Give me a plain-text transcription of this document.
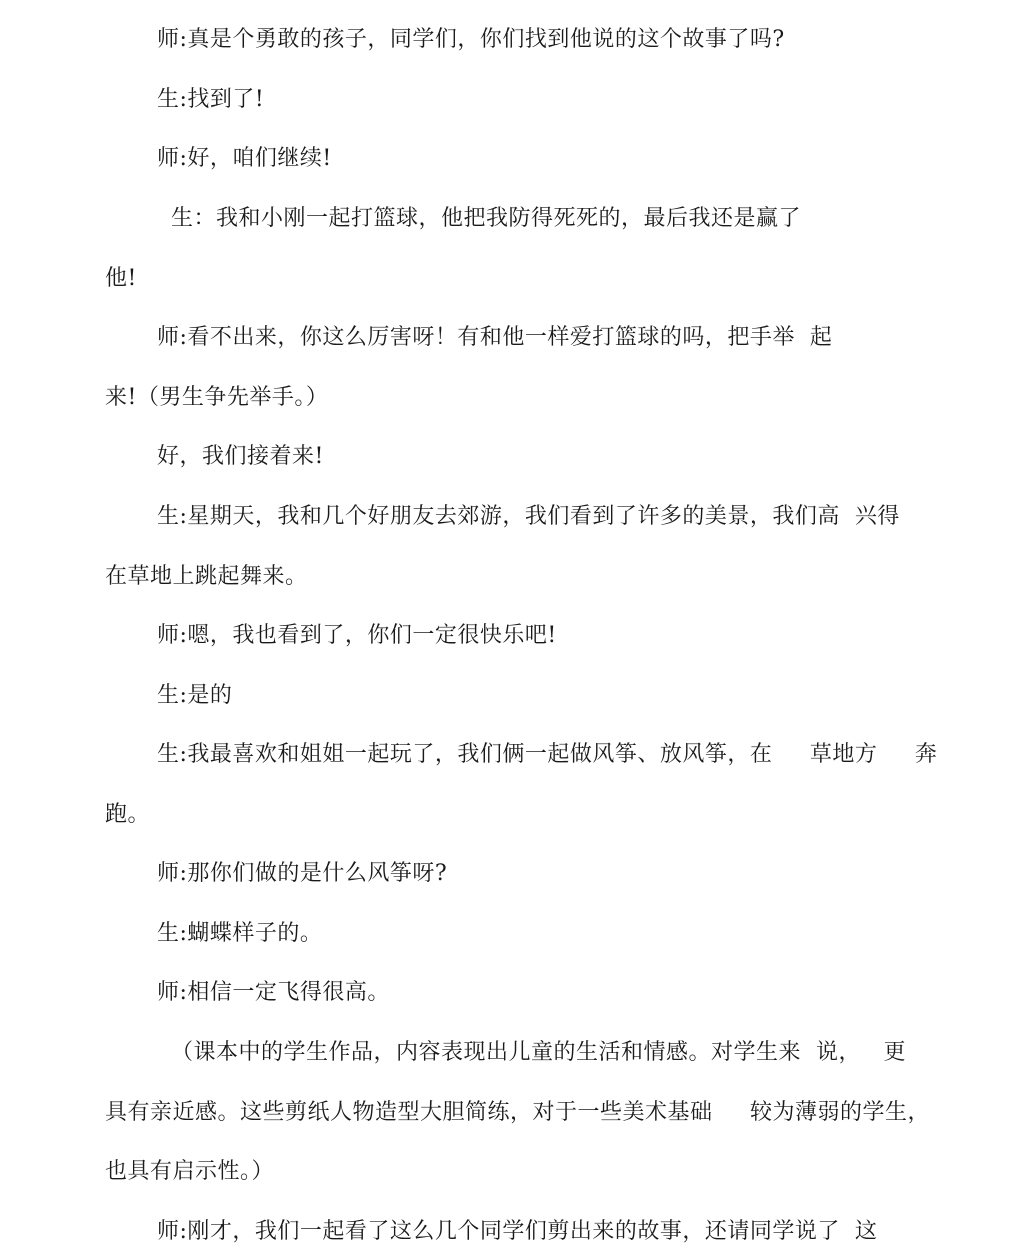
师:真是个勇敢的孩子，同学们，你们找到他说的这个故事了吗?
生:找到了!
师:好，咱们继续!
生：我和小刚一起打篮球，他把我防得死死的，最后我还是赢了
他!
师:看不出来，你这么厉害呀！有和他一样爱打篮球的吗，把手举  起
来!（男生争先举手。）
好，我们接着来!
生:星期天，我和几个好朋友去郊游，我们看到了许多的美景，我们高  兴得
在草地上跳起舞来。
师:嗯，我也看到了，你们一定很快乐吧!
生:是的
生:我最喜欢和姐姐一起玩了，我们俩一起做风筝、放风筝，在     草地方     奔
跑。
师:那你们做的是什么风筝呀?
生:蝴蝶样子的。
师:相信一定飞得很高。
（课本中的学生作品，内容表现出儿童的生活和情感。对学生来  说，   更
具有亲近感。这些剪纸人物造型大胆简练，对于一些美术基础     较为薄弱的学生，
也具有启示性。）
师:刚才，我们一起看了这么几个同学们剪出来的故事，还请同学说了  这
